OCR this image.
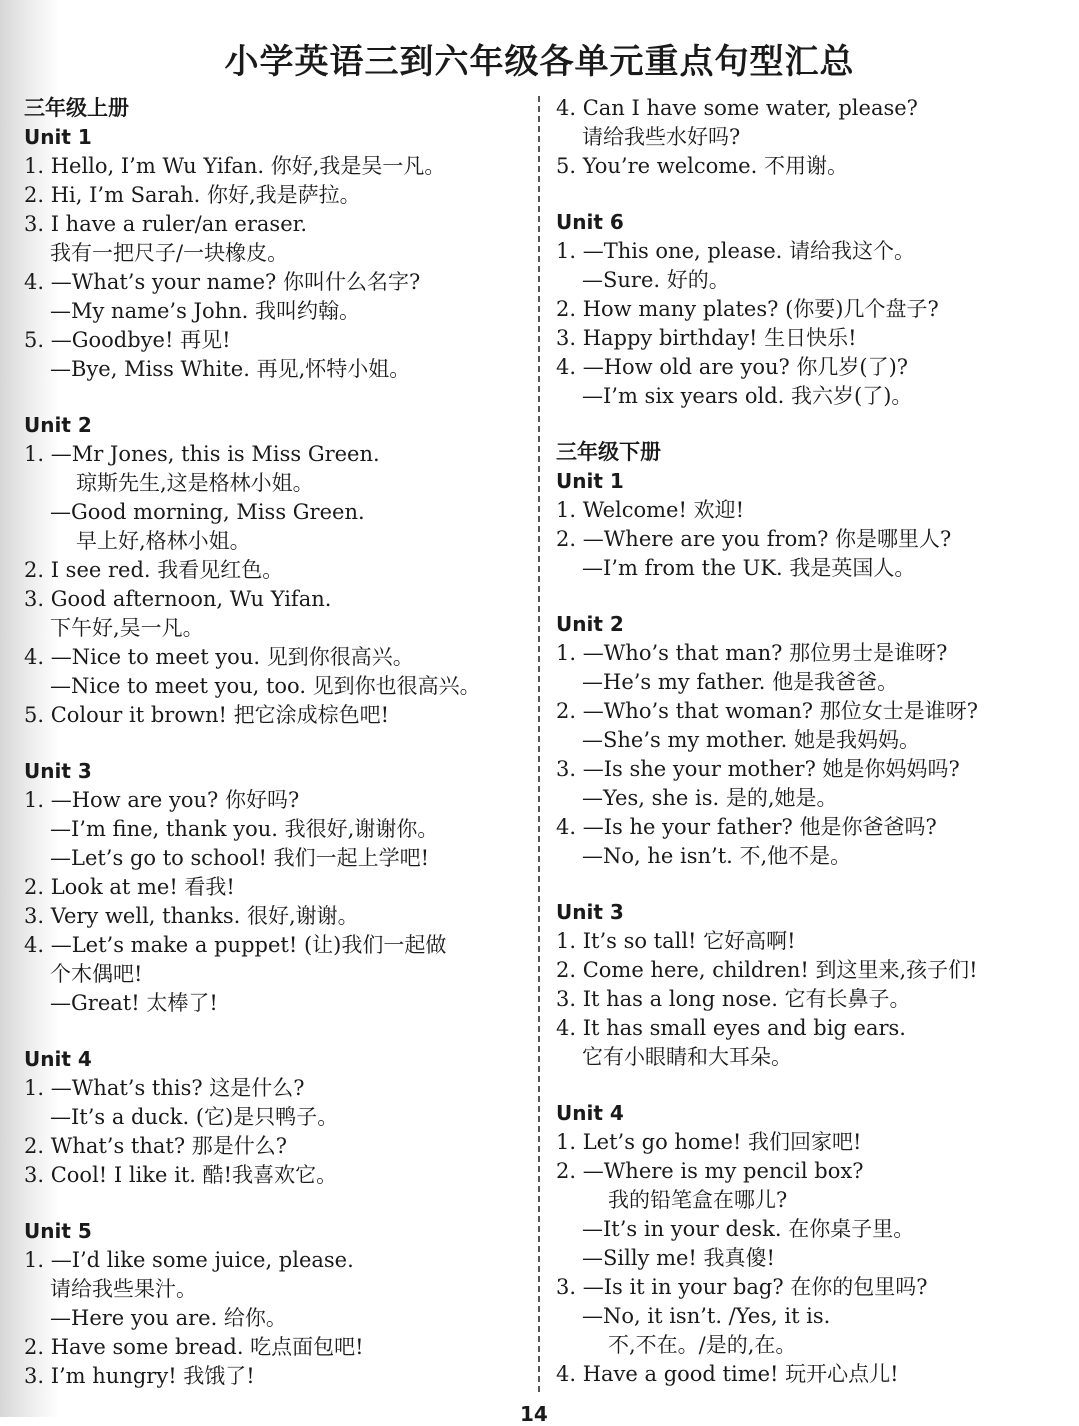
小学英语三到六年级各单元重点句型汇总
三年级上册
Unit 1
1. Hello, I’m Wu Yifan. 你好,我是吴一凡。
2. Hi, I’m Sarah. 你好,我是萨拉。
3. I have a ruler/an eraser.
我有一把尺子/一块橡皮。
4. —What’s your name? 你叫什么名字?
—My name’s John. 我叫约翰。
5. —Goodbye! 再见!
—Bye, Miss White. 再见,怀特小姐。
Unit 2
1. —Mr Jones, this is Miss Green.
琼斯先生,这是格林小姐。
—Good morning, Miss Green.
早上好,格林小姐。
2. I see red. 我看见红色。
3. Good afternoon, Wu Yifan.
下午好,吴一凡。
4. —Nice to meet you. 见到你很高兴。
—Nice to meet you, too. 见到你也很高兴。
5. Colour it brown! 把它涂成棕色吧!
Unit 3
1. —How are you? 你好吗?
—I’m fine, thank you. 我很好,谢谢你。
—Let’s go to school! 我们一起上学吧!
2. Look at me! 看我!
3. Very well, thanks. 很好,谢谢。
4. —Let’s make a puppet! (让)我们一起做
个木偶吧!
—Great! 太棒了!
Unit 4
1. —What’s this? 这是什么?
—It’s a duck. (它)是只鸭子。
2. What’s that? 那是什么?
3. Cool! I like it. 酷!我喜欢它。
Unit 5
1. —I’d like some juice, please.
请给我些果汁。
—Here you are. 给你。
2. Have some bread. 吃点面包吧!
3. I’m hungry! 我饿了!
4. Can I have some water, please?
请给我些水好吗?
5. You’re welcome. 不用谢。
Unit 6
1. —This one, please. 请给我这个。
—Sure. 好的。
2. How many plates? (你要)几个盘子?
3. Happy birthday! 生日快乐!
4. —How old are you? 你几岁(了)?
—I’m six years old. 我六岁(了)。
三年级下册
Unit 1
1. Welcome! 欢迎!
2. —Where are you from? 你是哪里人?
—I’m from the UK. 我是英国人。
Unit 2
1. —Who’s that man? 那位男士是谁呀?
—He’s my father. 他是我爸爸。
2. —Who’s that woman? 那位女士是谁呀?
—She’s my mother. 她是我妈妈。
3. —Is she your mother? 她是你妈妈吗?
—Yes, she is. 是的,她是。
4. —Is he your father? 他是你爸爸吗?
—No, he isn’t. 不,他不是。
Unit 3
1. It’s so tall! 它好高啊!
2. Come here, children! 到这里来,孩子们!
3. It has a long nose. 它有长鼻子。
4. It has small eyes and big ears.
它有小眼睛和大耳朵。
Unit 4
1. Let’s go home! 我们回家吧!
2. —Where is my pencil box?
我的铅笔盒在哪儿?
—It’s in your desk. 在你桌子里。
—Silly me! 我真傻!
3. —Is it in your bag? 在你的包里吗?
—No, it isn’t. /Yes, it is.
不,不在。/是的,在。
4. Have a good time! 玩开心点儿!
14
